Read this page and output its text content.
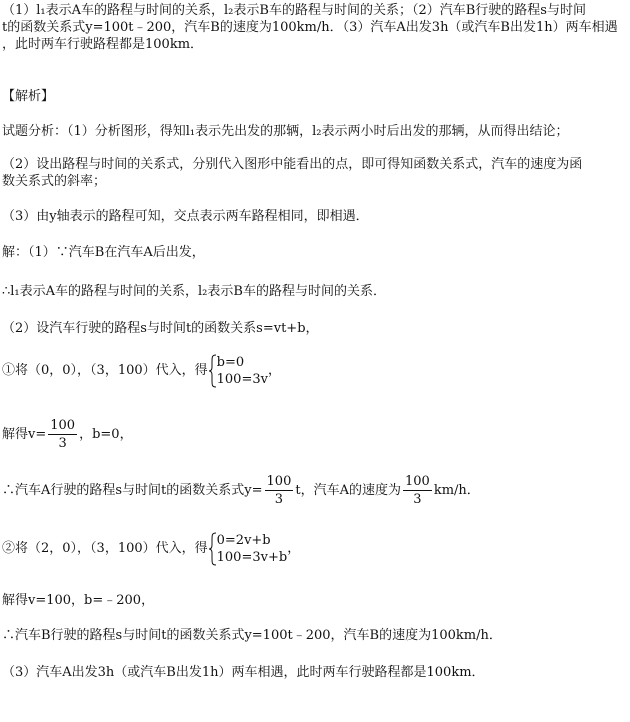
（1）l₁表示A车的路程与时间的关系，l₂表示B车的路程与时间的关系；（2）汽车B行驶的路程s与时间
t的函数关系式y=100t﹣200，汽车B的速度为100km/h．（3）汽车A出发3h（或汽车B出发1h）两车相遇
，此时两车行驶路程都是100km．
【解析】
试题分析：（1）分析图形，得知l₁表示先出发的那辆，l₂表示两小时后出发的那辆，从而得出结论；
（2）设出路程与时间的关系式，分别代入图形中能看出的点，即可得知函数关系式，汽车的速度为函
数关系式的斜率；
（3）由y轴表示的路程可知，交点表示两车路程相同，即相遇．
解：（1）∵汽车B在汽车A后出发，
∴l₁表示A车的路程与时间的关系，l₂表示B车的路程与时间的关系．
（2）设汽车行驶的路程s与时间t的函数关系s=vt+b，
①将（0，0），（3，100）代入，得
b=0
100=3v
，
解得$v= \frac{100}{3}$ ，b=0，
∴汽车A行驶的路程s与时间t的函数关系式$y= \frac{100}{3}$ t，汽车A的速度为 $\frac{100}{3} km/h$．
②将（2，0），（3，100）代入，得
0=2v+b
100=3v+b
，
解得v=100，b=﹣200，
∴汽车B行驶的路程s与时间t的函数关系式y=100t﹣200，汽车B的速度为100km/h．
（3）汽车A出发3h（或汽车B出发1h）两车相遇，此时两车行驶路程都是100km．
